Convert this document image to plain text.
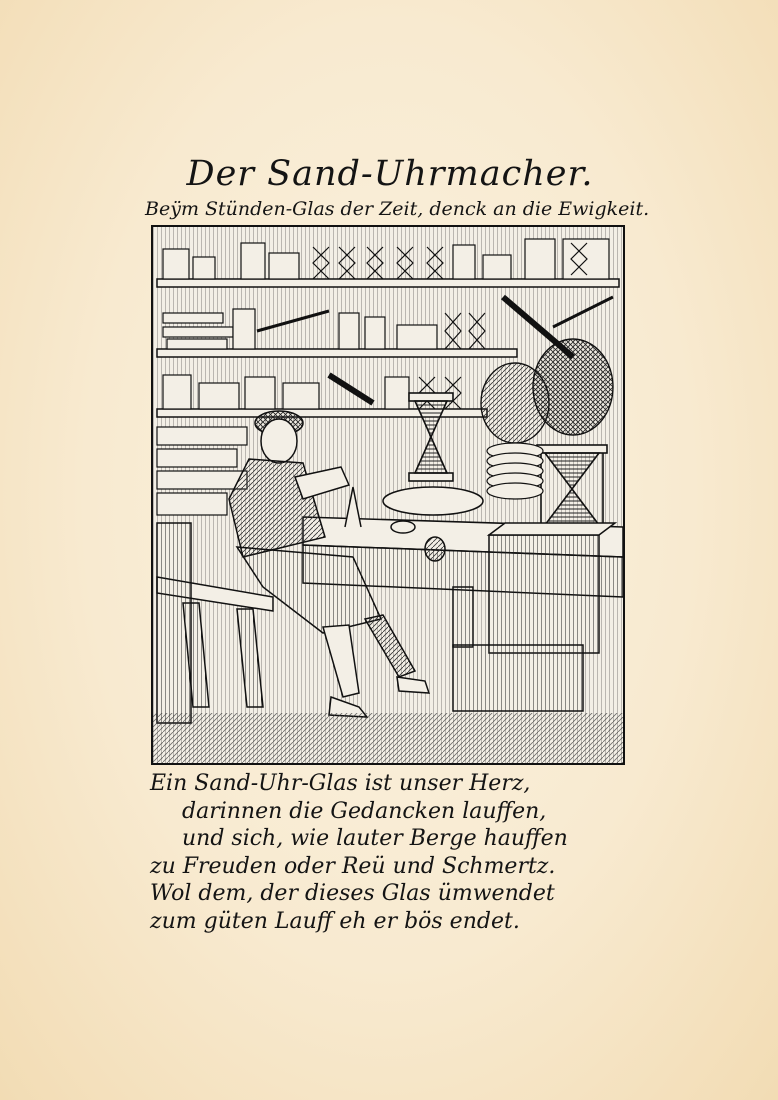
Der Sand-Uhrmacher.
Beÿm Stünden-Glas der Zeit, denck an die Ewigkeit.
Ein Sand-Uhr-Glas ist unser Herz,
darinnen die Gedancken lauffen,
und sich, wie lauter Berge hauffen
zu Freuden oder Reü und Schmertz.
Wol dem, der dieses Glas ümwendet
zum güten Lauff eh er bös endet.
